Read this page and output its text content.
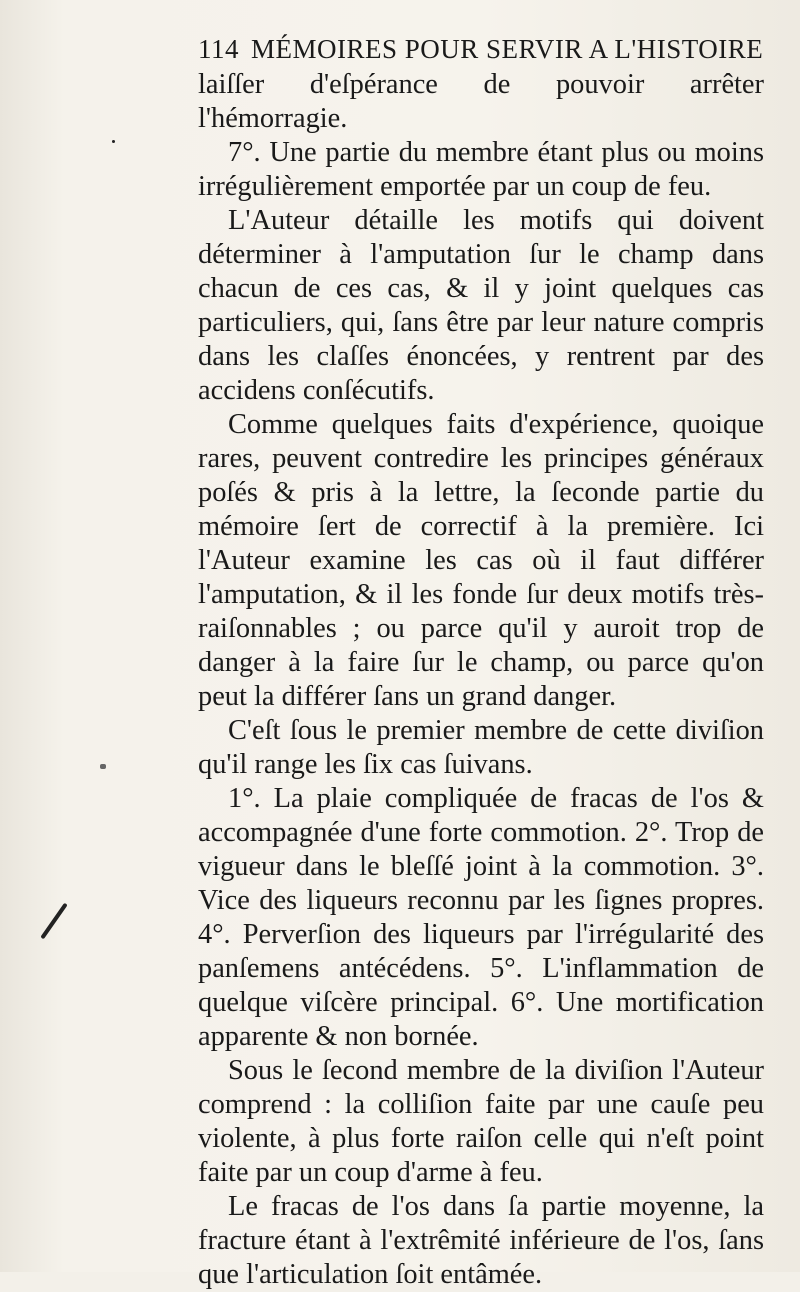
114 MÉMOIRES POUR SERVIR A L'HISTOIRE

laiſſer d'eſpérance de pouvoir arrêter l'hémorragie.

7°. Une partie du membre étant plus ou moins irrégulièrement emportée par un coup de feu.

L'Auteur détaille les motifs qui doivent déterminer à l'amputation ſur le champ dans chacun de ces cas, & il y joint quelques cas particuliers, qui, ſans être par leur nature compris dans les claſſes énoncées, y rentrent par des accidens conſécutifs.

Comme quelques faits d'expérience, quoique rares, peuvent contredire les principes généraux poſés & pris à la lettre, la ſeconde partie du mémoire ſert de correctif à la première. Ici l'Auteur examine les cas où il faut différer l'amputation, & il les fonde ſur deux motifs très-raiſonnables ; ou parce qu'il y auroit trop de danger à la faire ſur le champ, ou parce qu'on peut la différer ſans un grand danger.

C'eſt ſous le premier membre de cette diviſion qu'il range les ſix cas ſuivans.

1°. La plaie compliquée de fracas de l'os & accompagnée d'une forte commotion. 2°. Trop de vigueur dans le bleſſé joint à la commotion. 3°. Vice des liqueurs reconnu par les ſignes propres. 4°. Perverſion des liqueurs par l'irrégularité des panſemens antécédens. 5°. L'inflammation de quelque viſcère principal. 6°. Une mortification apparente & non bornée.

Sous le ſecond membre de la diviſion l'Auteur comprend : la colliſion faite par une cauſe peu violente, à plus forte raiſon celle qui n'eſt point faite par un coup d'arme à feu.

Le fracas de l'os dans ſa partie moyenne, la fracture étant à l'extrêmité inférieure de l'os, ſans que l'articulation ſoit entâmée.
